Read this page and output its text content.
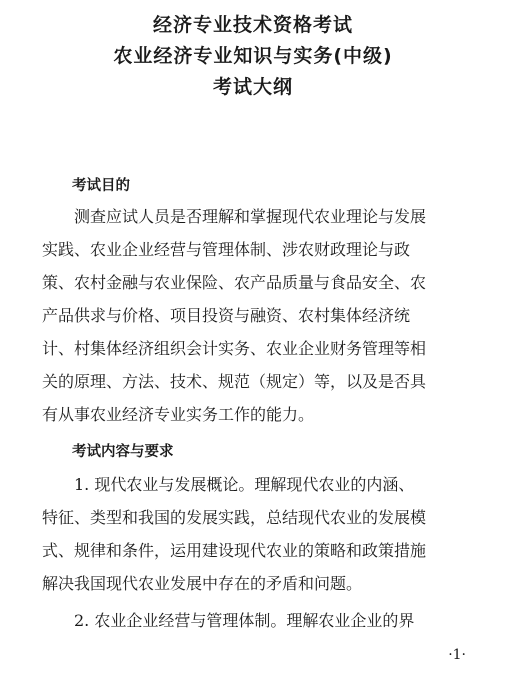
经济专业技术资格考试
农业经济专业知识与实务(中级)
考试大纲
考试目的
　　测查应试人员是否理解和掌握现代农业理论与发展
实践、农业企业经营与管理体制、涉农财政理论与政
策、农村金融与农业保险、农产品质量与食品安全、农
产品供求与价格、项目投资与融资、农村集体经济统
计、村集体经济组织会计实务、农业企业财务管理等相
关的原理、方法、技术、规范（规定）等，以及是否具
有从事农业经济专业实务工作的能力。
考试内容与要求
　　1. 现代农业与发展概论。理解现代农业的内涵、
特征、类型和我国的发展实践，总结现代农业的发展模
式、规律和条件，运用建设现代农业的策略和政策措施
解决我国现代农业发展中存在的矛盾和问题。
　　2. 农业企业经营与管理体制。理解农业企业的界
·1·
